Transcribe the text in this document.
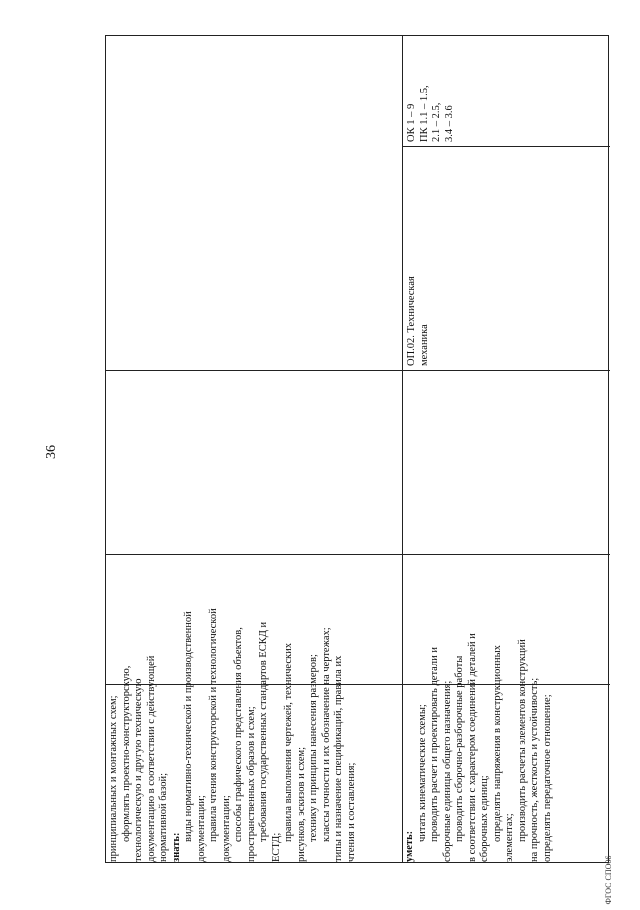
36
принципиальных и монтажных схем; оформлять проектно-конструкторскую, технологическую и другую техническую документацию в соответствии с действующей нормативной базой; знать:
виды нормативно-технической и производственной документации; правила чтения конструкторской и технологической документации; способы графического представления объектов, пространственных образов и схем; требования государственных стандартов ЕСКД и
ЕСТД;
правила выполнения чертежей, технических рисунков, эскизов и схем; технику и принципы нанесения размеров; классы точности и их обозначение на чертежах; типы и назначение спецификаций, правила их чтения и составления;	уметь:
читать кинематические схемы; проводить расчет и проектировать детали и сборочные единицы общего назначения; проводить сборочно-разборочные работы в соответствии с характером соединений деталей и сборочных единиц; определять напряжения в конструкционных элементах; производить расчеты элементов конструкций на прочность, жесткость и устойчивость; определять передаточное отношение;
ОП.02. Техническая механика
ОК 1 – 9 ПК 1.1 – 1.5, 2.1 – 2.5, 3.4 – 3.6
ФГОС СПО06
